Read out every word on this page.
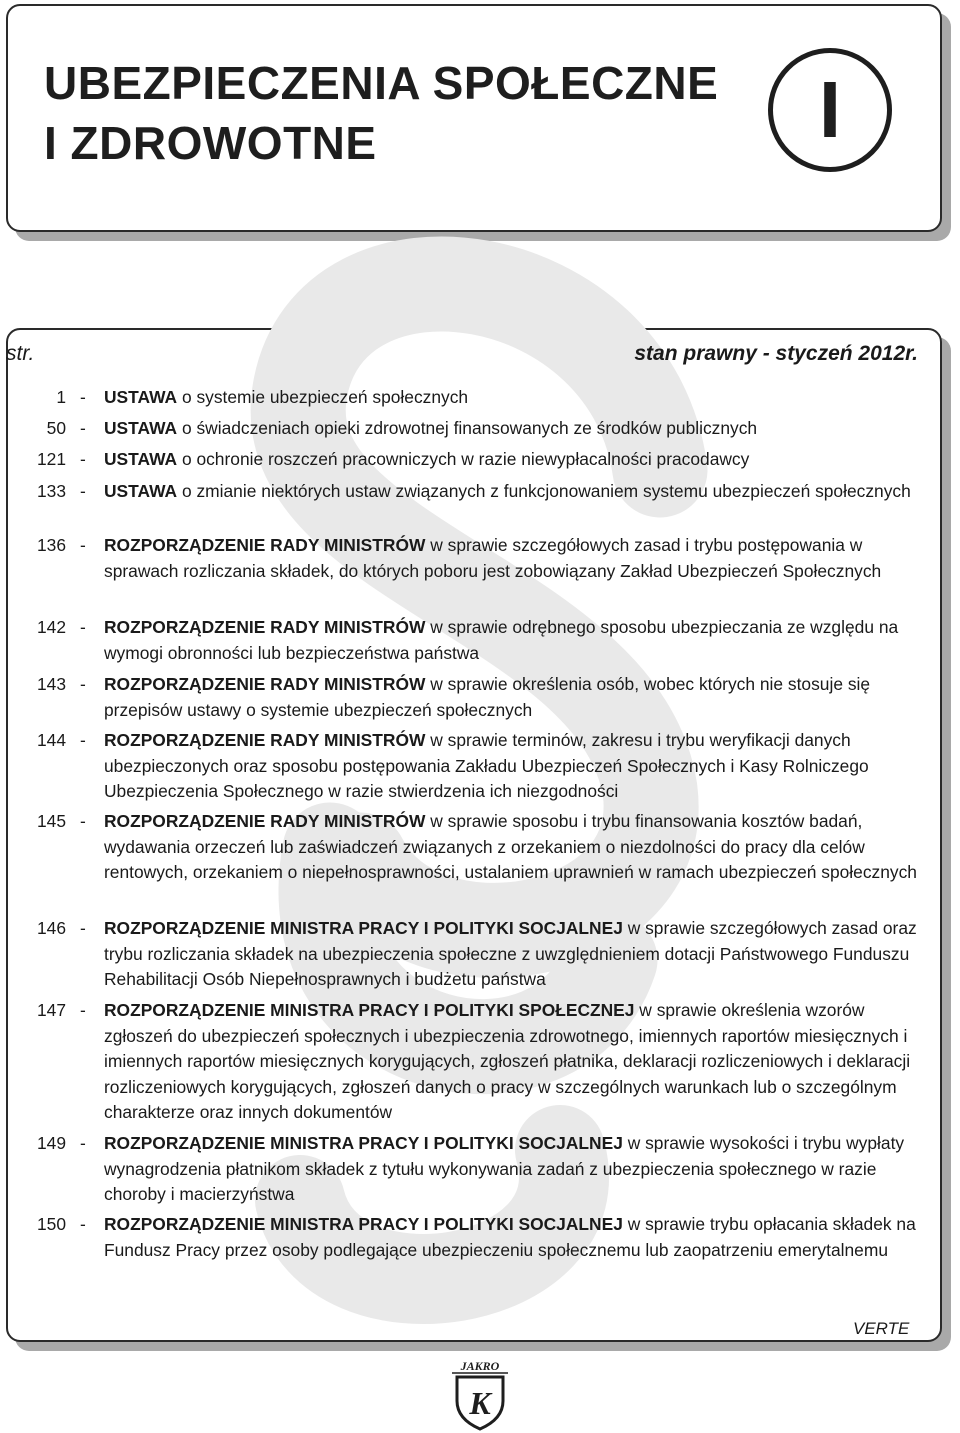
UBEZPIECZENIA SPOŁECZNE
I ZDROWOTNE	I
str.	stan prawny - styczeń 2012r.
1 -	USTAWA o systemie ubezpieczeń społecznych
50 -	USTAWA o świadczeniach opieki zdrowotnej finansowanych ze środków publicznych
121 -	USTAWA o ochronie roszczeń pracowniczych w razie niewypłacalności pracodawcy
133 -	USTAWA o zmianie niektórych ustaw związanych z funkcjonowaniem systemu ubezpieczeń społecznych
136 -	ROZPORZĄDZENIE RADY MINISTRÓW w sprawie szczegółowych zasad i trybu postępowania w sprawach rozliczania składek, do których poboru jest zobowiązany Zakład Ubezpieczeń Społecznych
142 -	ROZPORZĄDZENIE RADY MINISTRÓW w sprawie odrębnego sposobu ubezpieczania ze względu na wymogi obronności lub bezpieczeństwa państwa
143 -	ROZPORZĄDZENIE RADY MINISTRÓW w sprawie określenia osób, wobec których nie stosuje się przepisów ustawy o systemie ubezpieczeń społecznych
144 -	ROZPORZĄDZENIE RADY MINISTRÓW w sprawie terminów, zakresu i trybu weryfikacji danych ubezpieczonych oraz sposobu postępowania Zakładu Ubezpieczeń Społecznych i Kasy Rolniczego Ubezpieczenia Społecznego w razie stwierdzenia ich niezgodności
145 -	ROZPORZĄDZENIE RADY MINISTRÓW w sprawie sposobu i trybu finansowania kosztów badań, wydawania orzeczeń lub zaświadczeń związanych z orzekaniem o niezdolności do pracy dla celów rentowych, orzekaniem o niepełnosprawności, ustalaniem uprawnień w ramach ubezpieczeń społecznych
146 -	ROZPORZĄDZENIE MINISTRA PRACY I POLITYKI SOCJALNEJ w sprawie szczegółowych zasad oraz trybu rozliczania składek na ubezpieczenia społeczne z uwzględnieniem dotacji Państwowego Funduszu Rehabilitacji Osób Niepełnosprawnych i budżetu państwa
147 -	ROZPORZĄDZENIE MINISTRA PRACY I POLITYKI SPOŁECZNEJ w sprawie określenia wzorów zgłoszeń do ubezpieczeń społecznych i ubezpieczenia zdrowotnego, imiennych raportów miesięcznych i imiennych raportów miesięcznych korygujących, zgłoszeń płatnika, deklaracji rozliczeniowych i deklaracji rozliczeniowych korygujących, zgłoszeń danych o pracy w szczególnych warunkach lub o szczególnym charakterze oraz innych dokumentów
149 -	ROZPORZĄDZENIE MINISTRA PRACY I POLITYKI SOCJALNEJ w sprawie wysokości i trybu wypłaty wynagrodzenia płatnikom składek z tytułu wykonywania zadań z ubezpieczenia społecznego w razie choroby i macierzyństwa
150 -	ROZPORZĄDZENIE MINISTRA PRACY I POLITYKI SOCJALNEJ w sprawie trybu opłacania składek na Fundusz Pracy przez osoby podlegające ubezpieczeniu społecznemu lub zaopatrzeniu emerytalnemu
VERTE
JAKRO
K
